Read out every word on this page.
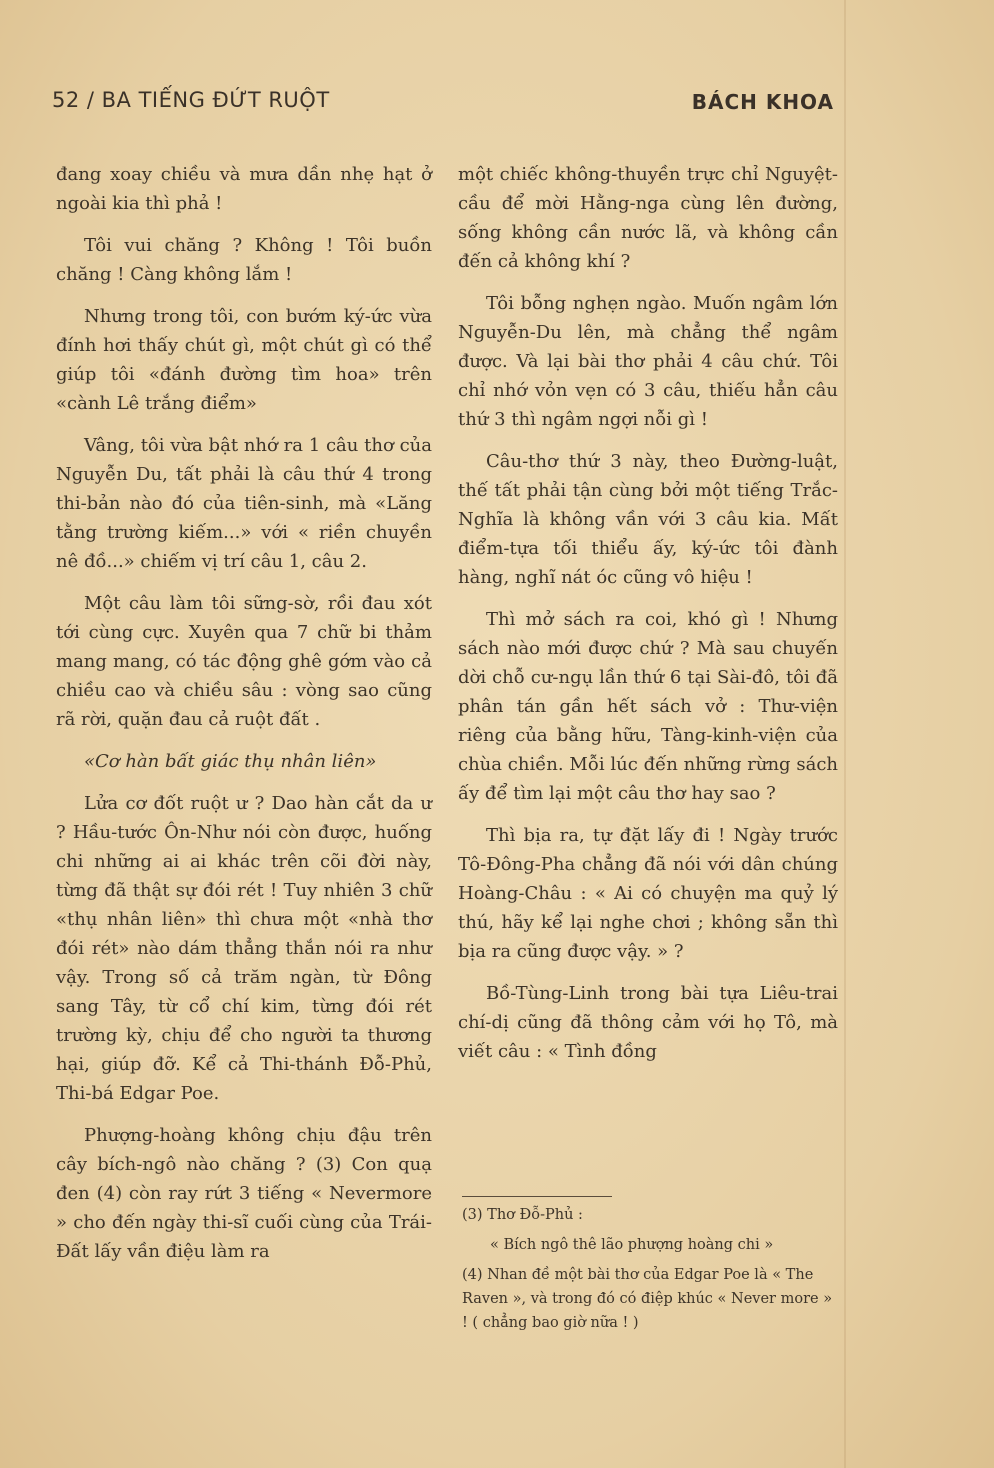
52 / BA TIẾNG ĐỨT RUỘT	BÁCH KHOA

đang xoay chiều và mưa dần nhẹ hạt ở ngoài kia thì phả !

Tôi vui chăng ? Không ! Tôi buồn chăng ! Càng không lắm !

Nhưng trong tôi, con bướm ký-ức vừa đính hơi thấy chút gì, một chút gì có thể giúp tôi «đánh đường tìm hoa» trên «cành Lê trắng điểm»

Vâng, tôi vừa bật nhớ ra 1 câu thơ của Nguyễn Du, tất phải là câu thứ 4 trong thi-bản nào đó của tiên-sinh, mà «Lăng tằng trường kiếm...» với « riền chuyền nê đồ...» chiếm vị trí câu 1, câu 2.

Một câu làm tôi sững-sờ, rồi đau xót tới cùng cực. Xuyên qua 7 chữ bi thảm mang mang, có tác động ghê gớm vào cả chiều cao và chiều sâu : vòng sao cũng rã rời, quặn đau cả ruột đất .

«Cơ hàn bất giác thụ nhân liên»

Lửa cơ đốt ruột ư ? Dao hàn cắt da ư ? Hầu-tước Ôn-Như nói còn được, huống chi những ai ai khác trên cõi đời này, từng đã thật sự đói rét ! Tuy nhiên 3 chữ «thụ nhân liên» thì chưa một «nhà thơ đói rét» nào dám thẳng thắn nói ra như vậy. Trong số cả trăm ngàn, từ Đông sang Tây, từ cổ chí kim, từng đói rét trường kỳ, chịu để cho người ta thương hại, giúp đỡ. Kể cả Thi-thánh Đỗ-Phủ, Thi-bá Edgar Poe.

Phượng-hoàng không chịu đậu trên cây bích-ngô nào chăng ? (3) Con quạ đen (4) còn ray rứt 3 tiếng « Nevermore » cho đến ngày thi-sĩ cuối cùng của Trái-Đất lấy vần điệu làm ra

một chiếc không-thuyền trực chỉ Nguyệt-cầu để mời Hằng-nga cùng lên đường, sống không cần nước lã, và không cần đến cả không khí ?

Tôi bỗng nghẹn ngào. Muốn ngâm lớn Nguyễn-Du lên, mà chẳng thể ngâm được. Và lại bài thơ phải 4 câu chứ. Tôi chỉ nhớ vỏn vẹn có 3 câu, thiếu hẳn câu thứ 3 thì ngâm ngợi nỗi gì !

Câu-thơ thứ 3 này, theo Đường-luật, thế tất phải tận cùng bởi một tiếng Trắc-Nghĩa là không vần với 3 câu kia. Mất điểm-tựa tối thiểu ấy, ký-ức tôi đành hàng, nghĩ nát óc cũng vô hiệu !

Thì mở sách ra coi, khó gì ! Nhưng sách nào mới được chứ ? Mà sau chuyến dời chỗ cư-ngụ lần thứ 6 tại Sài-đô, tôi đã phân tán gần hết sách vở : Thư-viện riêng của bằng hữu, Tàng-kinh-viện của chùa chiền. Mỗi lúc đến những rừng sách ấy để tìm lại một câu thơ hay sao ?

Thì bịa ra, tự đặt lấy đi ! Ngày trước Tô-Đông-Pha chẳng đã nói với dân chúng Hoàng-Châu : « Ai có chuyện ma quỷ lý thú, hãy kể lại nghe chơi ; không sẵn thì bịa ra cũng được vậy. » ?

Bồ-Tùng-Linh trong bài tựa Liêu-trai chí-dị cũng đã thông cảm với họ Tô, mà viết câu : « Tình đồng

(3) Thơ Đỗ-Phủ :

« Bích ngô thê lão phượng hoàng chi »

(4) Nhan đề một bài thơ của Edgar Poe là « The Raven », và trong đó có điệp khúc « Never more » ! ( chẳng bao giờ nữa ! )
